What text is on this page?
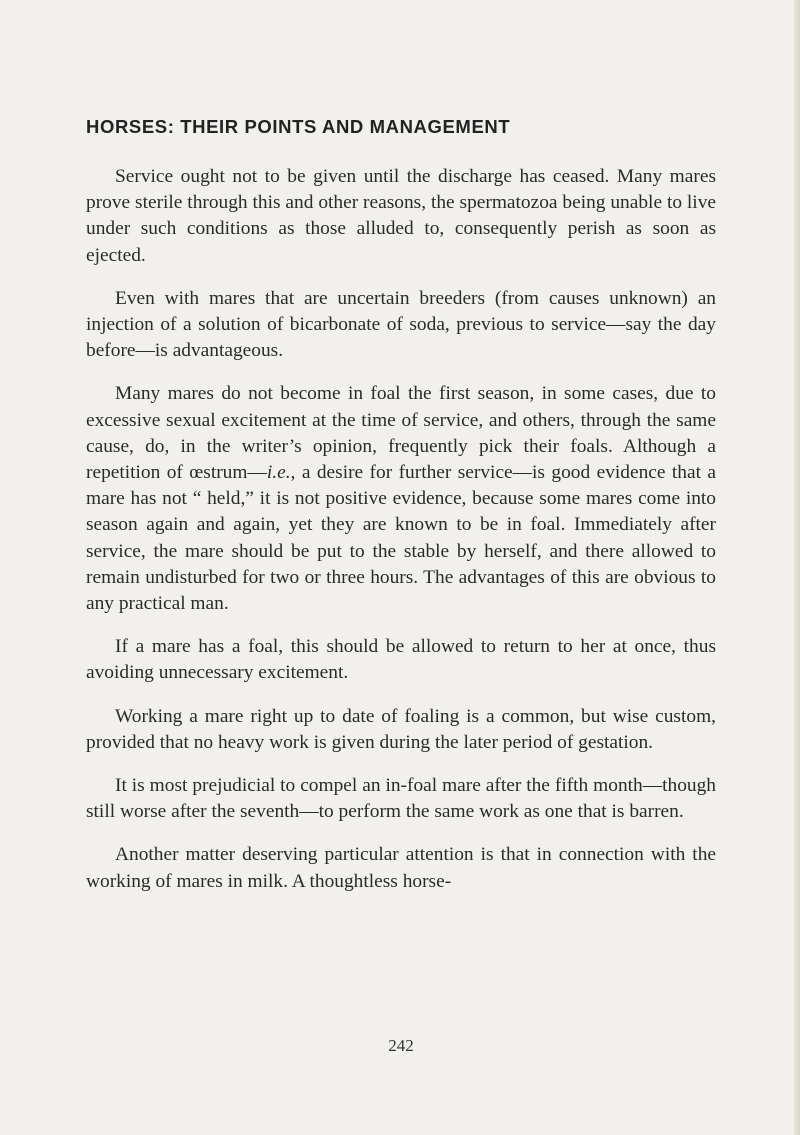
HORSES: THEIR POINTS AND MANAGEMENT

Service ought not to be given until the discharge has ceased. Many mares prove sterile through this and other reasons, the spermatozoa being unable to live under such conditions as those alluded to, consequently perish as soon as ejected.

Even with mares that are uncertain breeders (from causes unknown) an injection of a solution of bicarbonate of soda, previous to service—say the day before—is advantageous.

Many mares do not become in foal the first season, in some cases, due to excessive sexual excitement at the time of service, and others, through the same cause, do, in the writer’s opinion, frequently pick their foals. Although a repetition of œstrum—i.e., a desire for further service—is good evidence that a mare has not “ held,” it is not positive evidence, because some mares come into season again and again, yet they are known to be in foal. Immediately after service, the mare should be put to the stable by herself, and there allowed to remain undisturbed for two or three hours. The advantages of this are obvious to any practical man.

If a mare has a foal, this should be allowed to return to her at once, thus avoiding unnecessary excitement.

Working a mare right up to date of foaling is a common, but wise custom, provided that no heavy work is given during the later period of gestation.

It is most prejudicial to compel an in-foal mare after the fifth month—though still worse after the seventh—to perform the same work as one that is barren.

Another matter deserving particular attention is that in connection with the working of mares in milk. A thoughtless horse-

242
